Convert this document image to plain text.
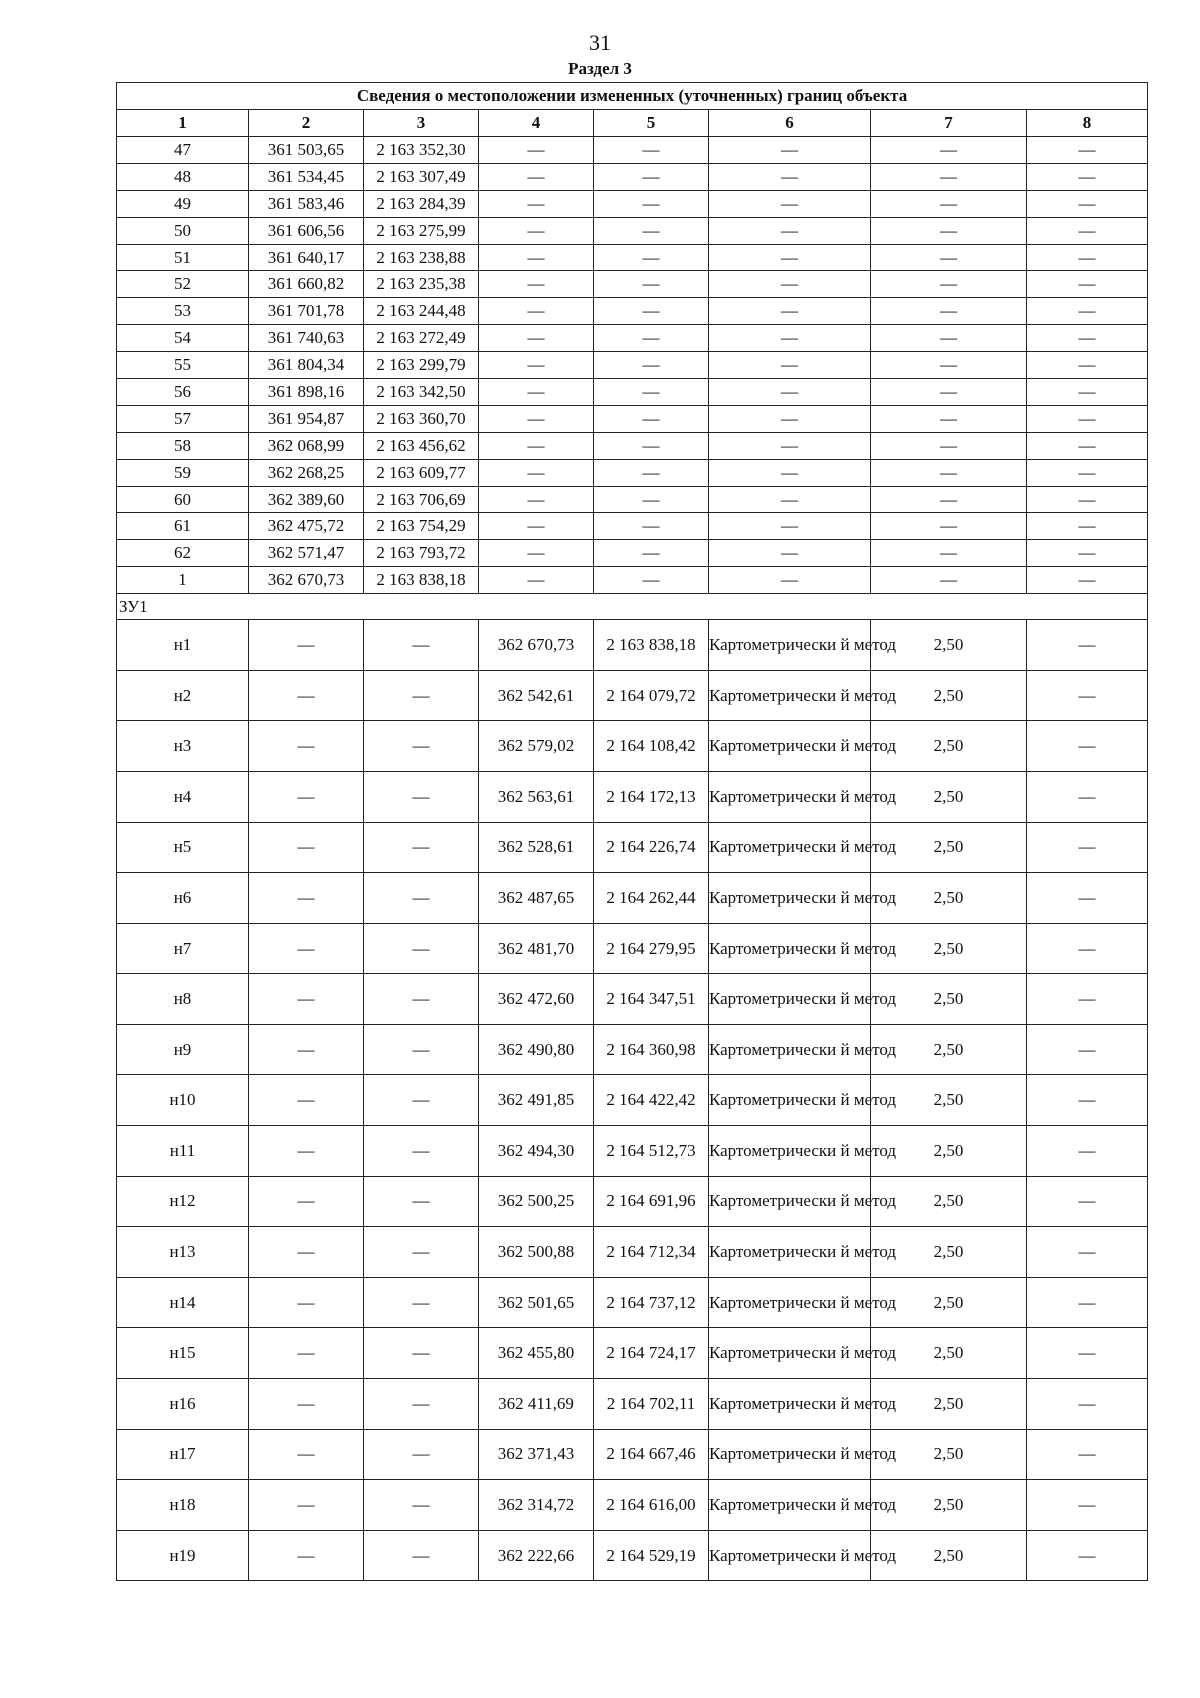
31
Раздел 3
Сведения о местоположении измененных (уточненных) границ объекта							
1	2	3	4	5	6	7	8
47	361 503,65	2 163 352,30	—	—	—	—	—
48	361 534,45	2 163 307,49	—	—	—	—	—
49	361 583,46	2 163 284,39	—	—	—	—	—
50	361 606,56	2 163 275,99	—	—	—	—	—
51	361 640,17	2 163 238,88	—	—	—	—	—
52	361 660,82	2 163 235,38	—	—	—	—	—
53	361 701,78	2 163 244,48	—	—	—	—	—
54	361 740,63	2 163 272,49	—	—	—	—	—
55	361 804,34	2 163 299,79	—	—	—	—	—
56	361 898,16	2 163 342,50	—	—	—	—	—
57	361 954,87	2 163 360,70	—	—	—	—	—
58	362 068,99	2 163 456,62	—	—	—	—	—
59	362 268,25	2 163 609,77	—	—	—	—	—
60	362 389,60	2 163 706,69	—	—	—	—	—
61	362 475,72	2 163 754,29	—	—	—	—	—
62	362 571,47	2 163 793,72	—	—	—	—	—
1	362 670,73	2 163 838,18	—	—	—	—	—
ЗУ1							
н1	—	—	362 670,73	2 163 838,18	Картометрически й метод	2,50	—
н2	—	—	362 542,61	2 164 079,72	Картометрически й метод	2,50	—
н3	—	—	362 579,02	2 164 108,42	Картометрически й метод	2,50	—
н4	—	—	362 563,61	2 164 172,13	Картометрически й метод	2,50	—
н5	—	—	362 528,61	2 164 226,74	Картометрически й метод	2,50	—
н6	—	—	362 487,65	2 164 262,44	Картометрически й метод	2,50	—
н7	—	—	362 481,70	2 164 279,95	Картометрически й метод	2,50	—
н8	—	—	362 472,60	2 164 347,51	Картометрически й метод	2,50	—
н9	—	—	362 490,80	2 164 360,98	Картометрически й метод	2,50	—
н10	—	—	362 491,85	2 164 422,42	Картометрически й метод	2,50	—
н11	—	—	362 494,30	2 164 512,73	Картометрически й метод	2,50	—
н12	—	—	362 500,25	2 164 691,96	Картометрически й метод	2,50	—
н13	—	—	362 500,88	2 164 712,34	Картометрически й метод	2,50	—
н14	—	—	362 501,65	2 164 737,12	Картометрически й метод	2,50	—
н15	—	—	362 455,80	2 164 724,17	Картометрически й метод	2,50	—
н16	—	—	362 411,69	2 164 702,11	Картометрически й метод	2,50	—
н17	—	—	362 371,43	2 164 667,46	Картометрически й метод	2,50	—
н18	—	—	362 314,72	2 164 616,00	Картометрически й метод	2,50	—
н19	—	—	362 222,66	2 164 529,19	Картометрически й метод	2,50	—
